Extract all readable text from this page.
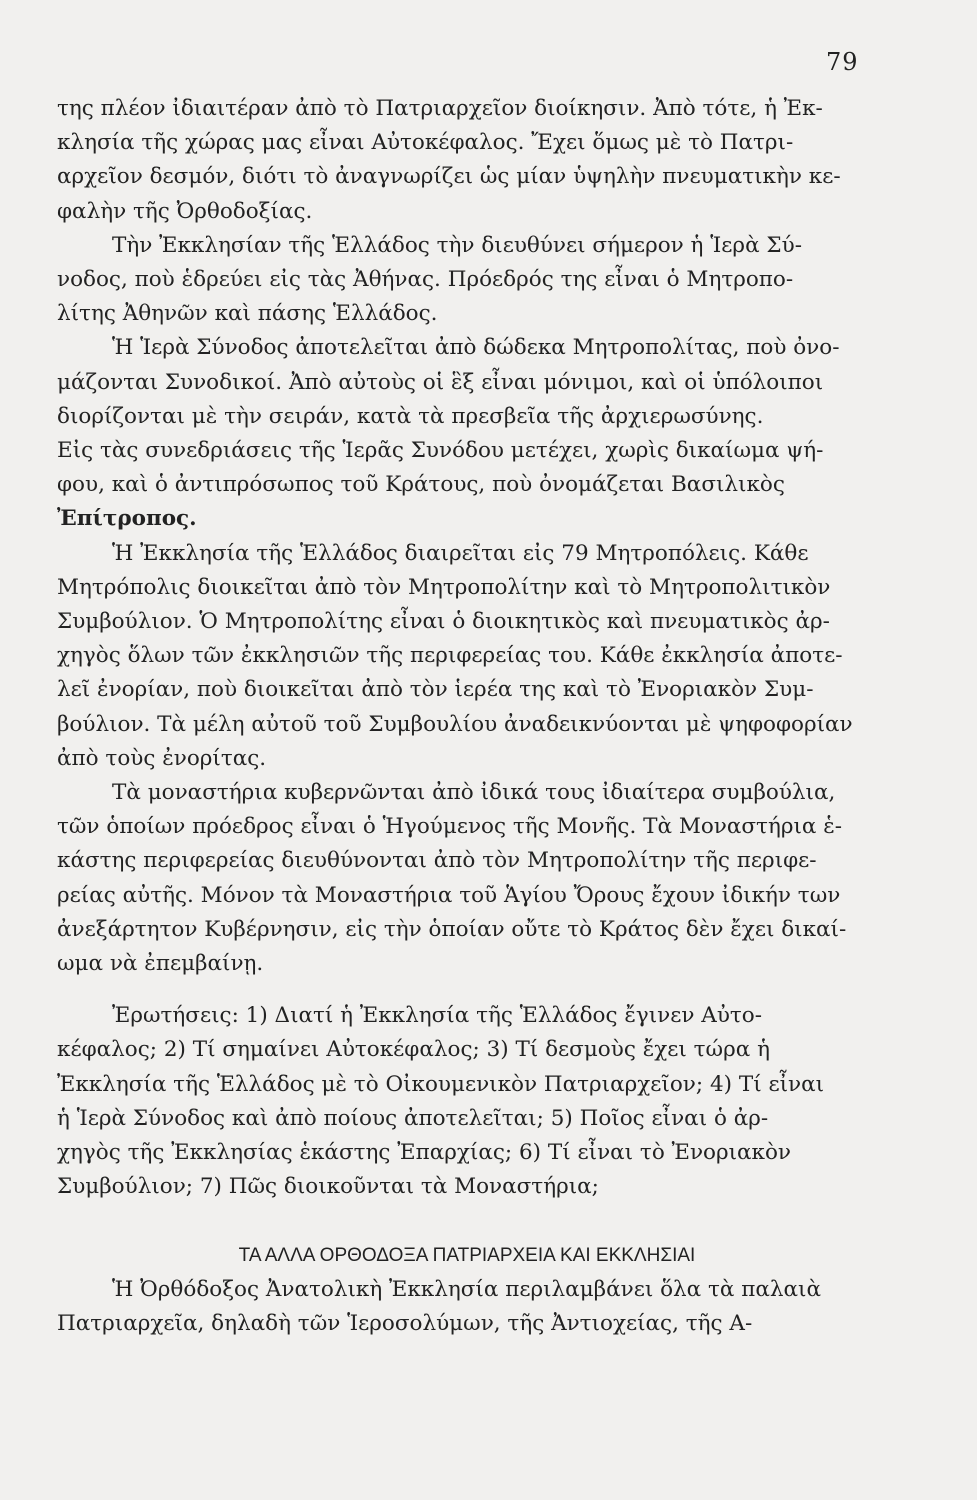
79
της πλέον ἰδιαιτέραν ἀπὸ τὸ Πατριαρχεῖον διοίκησιν. Ἀπὸ τότε, ἡ Ἐκ-
κλησία τῆς χώρας μας εἶναι Αὐτοκέφαλος. Ἔχει ὅμως μὲ τὸ Πατρι-
αρχεῖον δεσμόν, διότι τὸ ἀναγνωρίζει ὡς μίαν ὑψηλὴν πνευματικὴν κε-
φαλὴν τῆς Ὀρθοδοξίας.
Τὴν Ἐκκλησίαν τῆς Ἑλλάδος τὴν διευθύνει σήμερον ἡ Ἱερὰ Σύ-
νοδος, ποὺ ἑδρεύει εἰς τὰς Ἀθήνας. Πρόεδρός της εἶναι ὁ Μητροπο-
λίτης Ἀθηνῶν καὶ πάσης Ἑλλάδος.
Ἡ Ἱερὰ Σύνοδος ἀποτελεῖται ἀπὸ δώδεκα Μητροπολίτας, ποὺ ὀνο-
μάζονται Συνοδικοί. Ἀπὸ αὐτοὺς οἱ ἓξ εἶναι μόνιμοι, καὶ οἱ ὑπόλοιποι
διορίζονται μὲ τὴν σειράν, κατὰ τὰ πρεσβεῖα τῆς ἀρχιερωσύνης.
Εἰς τὰς συνεδριάσεις τῆς Ἱερᾶς Συνόδου μετέχει, χωρὶς δικαίωμα ψή-
φου, καὶ ὁ ἀντιπρόσωπος τοῦ Κράτους, ποὺ ὀνομάζεται Βασιλικὸς
Ἐπίτροπος.
Ἡ Ἐκκλησία τῆς Ἑλλάδος διαιρεῖται εἰς 79 Μητροπόλεις. Κάθε
Μητρόπολις διοικεῖται ἀπὸ τὸν Μητροπολίτην καὶ τὸ Μητροπολιτικὸν
Συμβούλιον. Ὁ Μητροπολίτης εἶναι ὁ διοικητικὸς καὶ πνευματικὸς ἀρ-
χηγὸς ὅλων τῶν ἐκκλησιῶν τῆς περιφερείας του. Κάθε ἐκκλησία ἀποτε-
λεῖ ἐνορίαν, ποὺ διοικεῖται ἀπὸ τὸν ἱερέα της καὶ τὸ Ἐνοριακὸν Συμ-
βούλιον. Τὰ μέλη αὐτοῦ τοῦ Συμβουλίου ἀναδεικνύονται μὲ ψηφοφορίαν
ἀπὸ τοὺς ἐνορίτας.
Τὰ μοναστήρια κυβερνῶνται ἀπὸ ἰδικά τους ἰδιαίτερα συμβούλια,
τῶν ὁποίων πρόεδρος εἶναι ὁ Ἡγούμενος τῆς Μονῆς. Τὰ Μοναστήρια ἑ-
κάστης περιφερείας διευθύνονται ἀπὸ τὸν Μητροπολίτην τῆς περιφε-
ρείας αὐτῆς. Μόνον τὰ Μοναστήρια τοῦ Ἁγίου Ὄρους ἔχουν ἰδικήν των
ἀνεξάρτητον Κυβέρνησιν, εἰς τὴν ὁποίαν οὔτε τὸ Κράτος δὲν ἔχει δικαί-
ωμα νὰ ἐπεμβαίνῃ.
Ἐρωτήσεις: 1) Διατί ἡ Ἐκκλησία τῆς Ἑλλάδος ἔγινεν Αὐτο-
κέφαλος; 2) Τί σημαίνει Αὐτοκέφαλος; 3) Τί δεσμοὺς ἔχει τώρα ἡ
Ἐκκλησία τῆς Ἑλλάδος μὲ τὸ Οἰκουμενικὸν Πατριαρχεῖον; 4) Τί εἶναι
ἡ Ἱερὰ Σύνοδος καὶ ἀπὸ ποίους ἀποτελεῖται; 5) Ποῖος εἶναι ὁ ἀρ-
χηγὸς τῆς Ἐκκλησίας ἑκάστης Ἐπαρχίας; 6) Τί εἶναι τὸ Ἐνοριακὸν
Συμβούλιον; 7) Πῶς διοικοῦνται τὰ Μοναστήρια;
ΤΑ ΑΛΛΑ ΟΡΘΟΔΟΞΑ ΠΑΤΡΙΑΡΧΕΙΑ ΚΑΙ ΕΚΚΛΗΣΙΑΙ
Ἡ Ὀρθόδοξος Ἀνατολικὴ Ἐκκλησία περιλαμβάνει ὅλα τὰ παλαιὰ
Πατριαρχεῖα, δηλαδὴ τῶν Ἱεροσολύμων, τῆς Ἀντιοχείας, τῆς Α-
